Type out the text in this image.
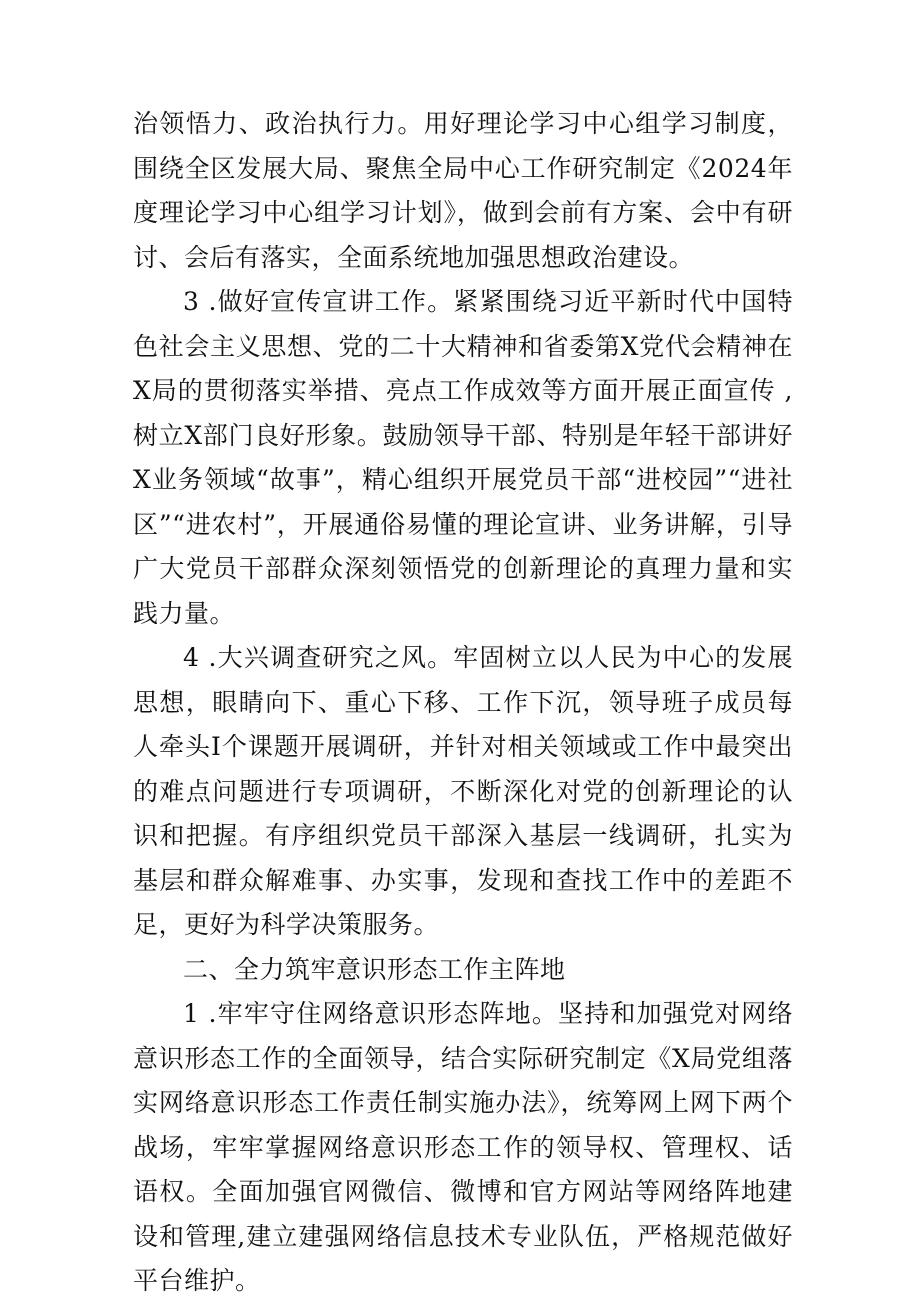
治领悟力、政治执行力。用好理论学习中心组学习制度，围绕全区发展大局、聚焦全局中心工作研究制定《2024年度理论学习中心组学习计划》，做到会前有方案、会中有研讨、会后有落实，全面系统地加强思想政治建设。

3 .做好宣传宣讲工作。紧紧围绕习近平新时代中国特色社会主义思想、党的二十大精神和省委第X党代会精神在X局的贯彻落实举措、亮点工作成效等方面开展正面宣传 ,树立X部门良好形象。鼓励领导干部、特别是年轻干部讲好X业务领域“故事”，精心组织开展党员干部“进校园”“进社区”“进农村”，开展通俗易懂的理论宣讲、业务讲解，引导广大党员干部群众深刻领悟党的创新理论的真理力量和实践力量。

4 .大兴调查研究之风。牢固树立以人民为中心的发展思想，眼睛向下、重心下移、工作下沉，领导班子成员每人牵头I个课题开展调研，并针对相关领域或工作中最突出的难点问题进行专项调研，不断深化对党的创新理论的认识和把握。有序组织党员干部深入基层一线调研，扎实为基层和群众解难事、办实事，发现和查找工作中的差距不足，更好为科学决策服务。

二、全力筑牢意识形态工作主阵地

1 .牢牢守住网络意识形态阵地。坚持和加强党对网络意识形态工作的全面领导，结合实际研究制定《X局党组落实网络意识形态工作责任制实施办法》，统筹网上网下两个战场，牢牢掌握网络意识形态工作的领导权、管理权、话语权。全面加强官网微信、微博和官方网站等网络阵地建设和管理,建立建强网络信息技术专业队伍，严格规范做好平台维护。
